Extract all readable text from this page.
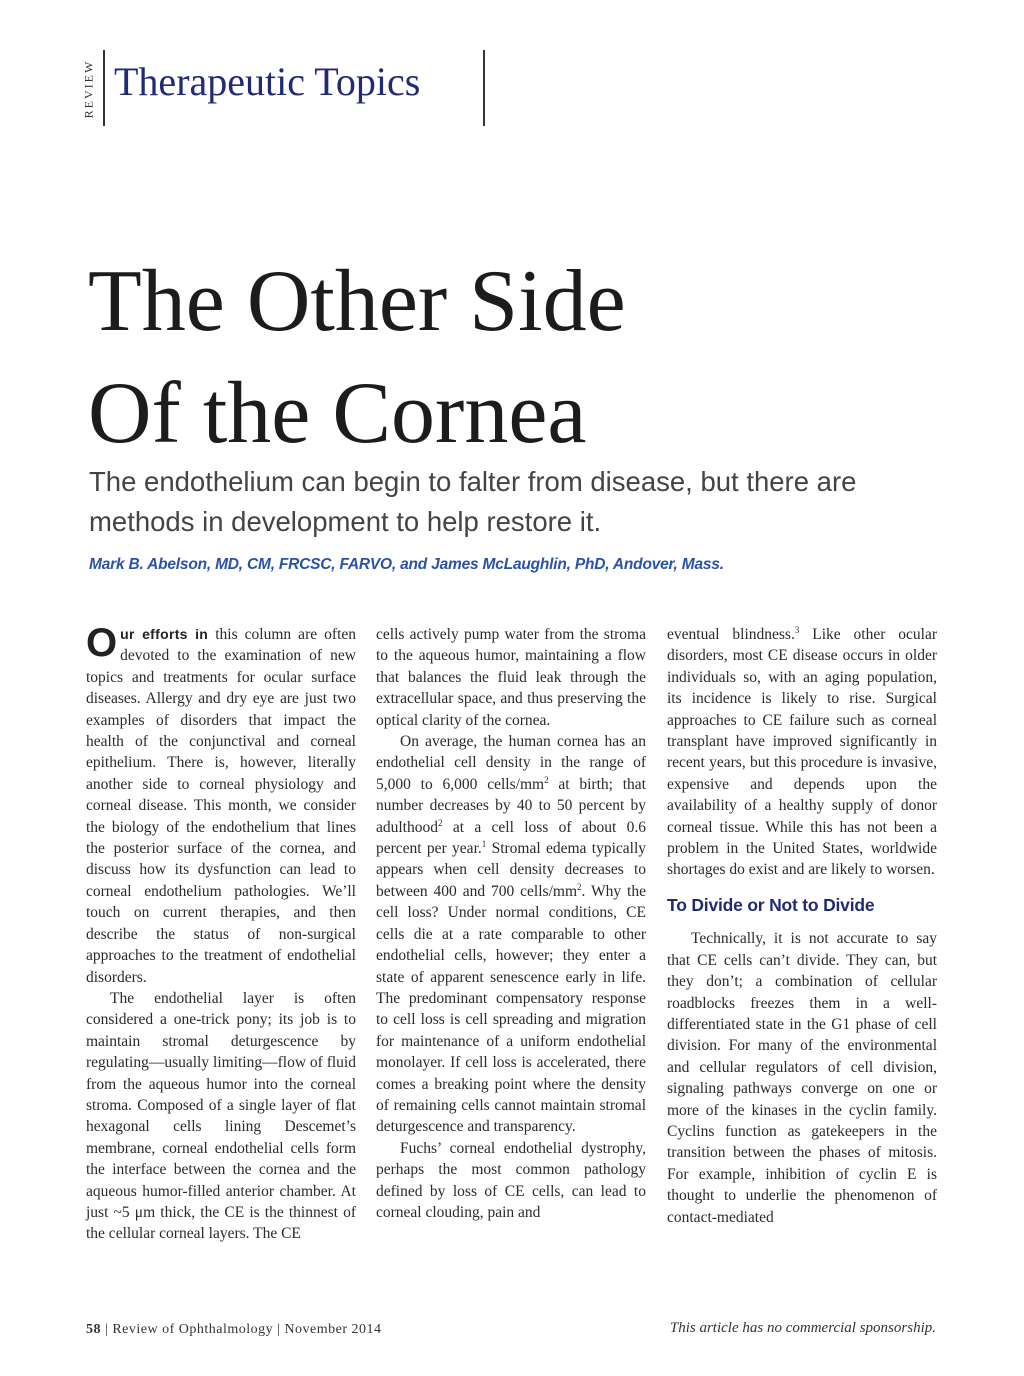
REVIEW Therapeutic Topics
The Other Side
Of the Cornea
The endothelium can begin to falter from disease, but there are methods in development to help restore it.
Mark B. Abelson, MD, CM, FRCSC, FARVO, and James McLaughlin, PhD, Andover, Mass.

Our efforts in this column are often devoted to the examination of new topics and treatments for ocular surface diseases. Allergy and dry eye are just two examples of disorders that impact the health of the conjunctival and corneal epithelium. There is, however, literally another side to corneal physiology and corneal disease. This month, we consider the biology of the endothelium that lines the posterior surface of the cornea, and discuss how its dysfunction can lead to corneal endothelium pathologies. We’ll touch on current therapies, and then describe the status of non-surgical approaches to the treatment of endothelial disorders.

The endothelial layer is often considered a one-trick pony; its job is to maintain stromal deturgescence by regulating—usually limiting—flow of fluid from the aqueous humor into the corneal stroma. Composed of a single layer of flat hexagonal cells lining Descemet’s membrane, corneal endothelial cells form the interface between the cornea and the aqueous humor-filled anterior chamber. At just ~5 μm thick, the CE is the thinnest of the cellular corneal layers. The CE

cells actively pump water from the stroma to the aqueous humor, maintaining a flow that balances the fluid leak through the extracellular space, and thus preserving the optical clarity of the cornea.

On average, the human cornea has an endothelial cell density in the range of 5,000 to 6,000 cells/$mm^2$ at birth; that number decreases by 40 to 50 percent by adulthood$^2$ at a cell loss of about 0.6 percent per year.$^1$ Stromal edema typically appears when cell density decreases to between 400 and 700 cells/$mm^2$. Why the cell loss? Under normal conditions, CE cells die at a rate comparable to other endothelial cells, however; they enter a state of apparent senescence early in life. The predominant compensatory response to cell loss is cell spreading and migration for maintenance of a uniform endothelial monolayer. If cell loss is accelerated, there comes a breaking point where the density of remaining cells cannot maintain stromal deturgescence and transparency.

Fuchs’ corneal endothelial dystrophy, perhaps the most common pathology defined by loss of CE cells, can lead to corneal clouding, pain and

eventual blindness.$^3$ Like other ocular disorders, most CE disease occurs in older individuals so, with an aging population, its incidence is likely to rise. Surgical approaches to CE failure such as corneal transplant have improved significantly in recent years, but this procedure is invasive, expensive and depends upon the availability of a healthy supply of donor corneal tissue. While this has not been a problem in the United States, worldwide shortages do exist and are likely to worsen.

To Divide or Not to Divide

Technically, it is not accurate to say that CE cells can’t divide. They can, but they don’t; a combination of cellular roadblocks freezes them in a well-differentiated state in the G1 phase of cell division. For many of the environmental and cellular regulators of cell division, signaling pathways converge on one or more of the kinases in the cyclin family. Cyclins function as gatekeepers in the transition between the phases of mitosis. For example, inhibition of cyclin E is thought to underlie the phenomenon of contact-mediated

58 | Review of Ophthalmology | November 2014	This article has no commercial sponsorship.
